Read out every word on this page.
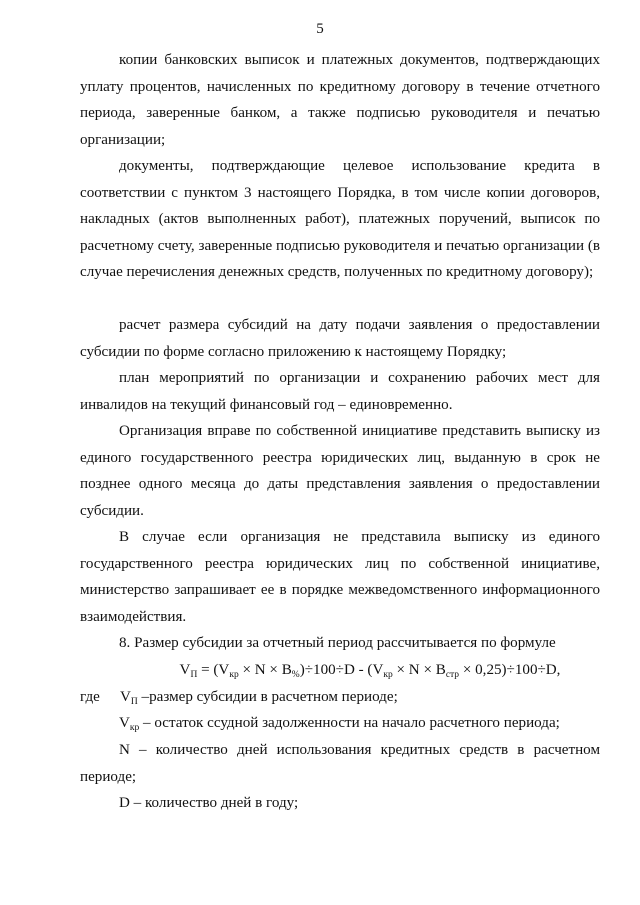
5

копии банковских выписок и платежных документов, подтверждающих уплату процентов, начисленных по кредитному договору в течение отчетного периода, заверенные банком, а также подписью руководителя и печатью организации;

документы, подтверждающие целевое использование кредита в соответствии с пунктом 3 настоящего Порядка, в том числе копии договоров, накладных (актов выполненных работ), платежных поручений, выписок по расчетному счету, заверенные подписью руководителя и печатью организации (в случае перечисления денежных средств, полученных по кредитному договору);

расчет размера субсидий на дату подачи заявления о предоставлении субсидии по форме согласно приложению к настоящему Порядку;

план мероприятий по организации и сохранению рабочих мест для инвалидов на текущий финансовый год – единовременно.

Организация вправе по собственной инициативе представить выписку из единого государственного реестра юридических лиц, выданную в срок не позднее одного месяца до даты представления заявления о предоставлении субсидии.

В случае если организация не представила выписку из единого государственного реестра юридических лиц по собственной инициативе, министерство запрашивает ее в порядке межведомственного информационного взаимодействия.

8. Размер субсидии за отчетный период рассчитывается по формуле

$V_П = (V_{кр} \times N \times B_{\%})\div 100\div D - (V_{кр} \times N \times B_{стр} \times 0,25)\div 100\div D$,

где $V_П$ –размер субсидии в расчетном периоде;

$V_{кр}$ – остаток ссудной задолженности на начало расчетного периода;

N – количество дней использования кредитных средств в расчетном периоде;

D – количество дней в году;
